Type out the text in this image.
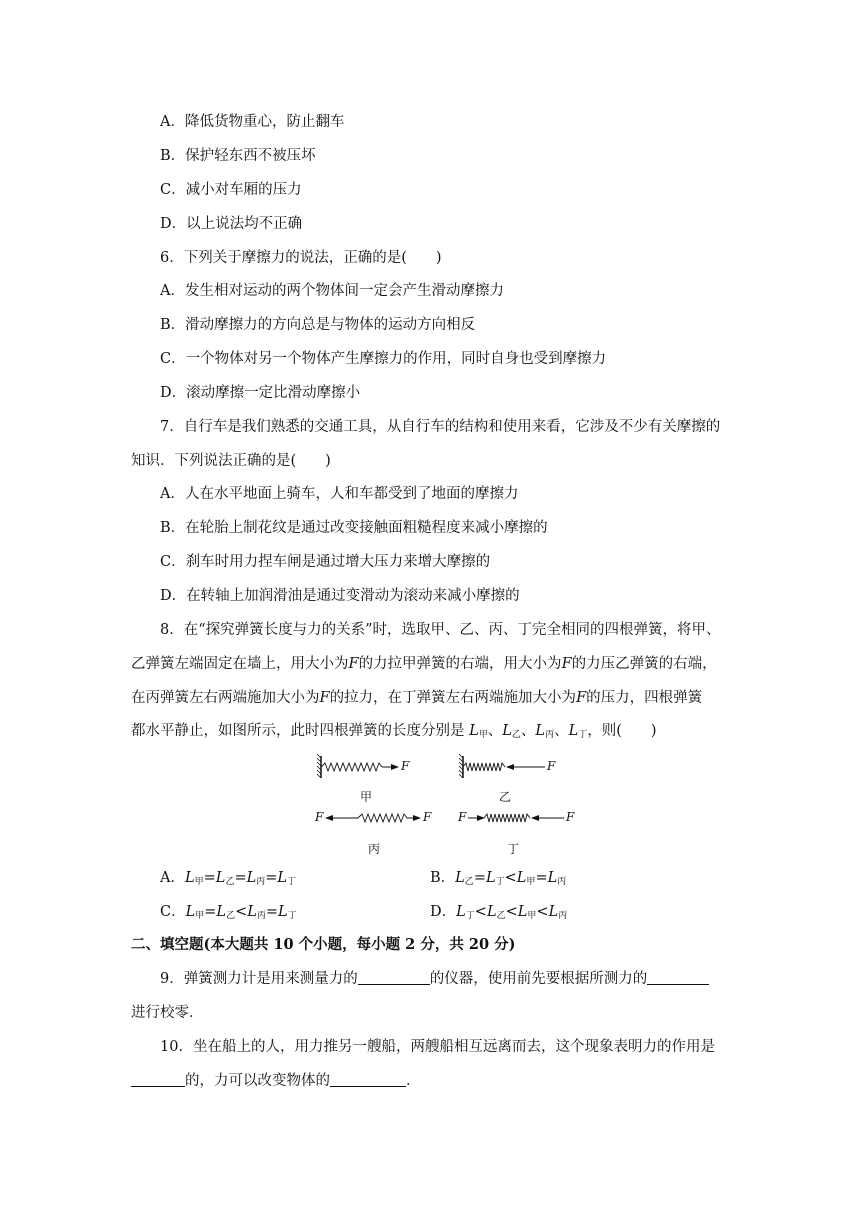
A．降低货物重心，防止翻车
B．保护轻东西不被压坏
C．减小对车厢的压力
D．以上说法均不正确
6．下列关于摩擦力的说法，正确的是(　　)
A．发生相对运动的两个物体间一定会产生滑动摩擦力
B．滑动摩擦力的方向总是与物体的运动方向相反
C．一个物体对另一个物体产生摩擦力的作用，同时自身也受到摩擦力
D．滚动摩擦一定比滑动摩擦小
7．自行车是我们熟悉的交通工具，从自行车的结构和使用来看，它涉及不少有关摩擦的
知识．下列说法正确的是(　　)
A．人在水平地面上骑车，人和车都受到了地面的摩擦力
B．在轮胎上制花纹是通过改变接触面粗糙程度来减小摩擦的
C．刹车时用力捏车闸是通过增大压力来增大摩擦的
D．在转轴上加润滑油是通过变滑动为滚动来减小摩擦的
8．在“探究弹簧长度与力的关系”时，选取甲、乙、丙、丁完全相同的四根弹簧，将甲、
乙弹簧左端固定在墙上，用大小为F的力拉甲弹簧的右端，用大小为F的力压乙弹簧的右端，
在丙弹簧左右两端施加大小为F的拉力，在丁弹簧左右两端施加大小为F的压力，四根弹簧
都水平静止，如图所示，此时四根弹簧的长度分别是 $L_甲$、$L_乙$、$L_丙$、$L_丁$，则(　　)
F	F
F	F F	F
甲	乙
丙	丁
A．$L_甲=L_乙=L_丙=L_丁$	B．$L_乙=L_丁<L_甲=L_丙$
C．$L_甲=L_乙<L_丙=L_丁$	D．$L_丁<L_乙<L_甲<L_丙$
二、填空题(本大题共 10 个小题，每小题 2 分，共 20 分)
9．弹簧测力计是用来测量力的	的仪器，使用前先要根据所测力的
进行校零．
10．坐在船上的人，用力推另一艘船，两艘船相互远离而去，这个现象表明力的作用是
的，力可以改变物体的	．
